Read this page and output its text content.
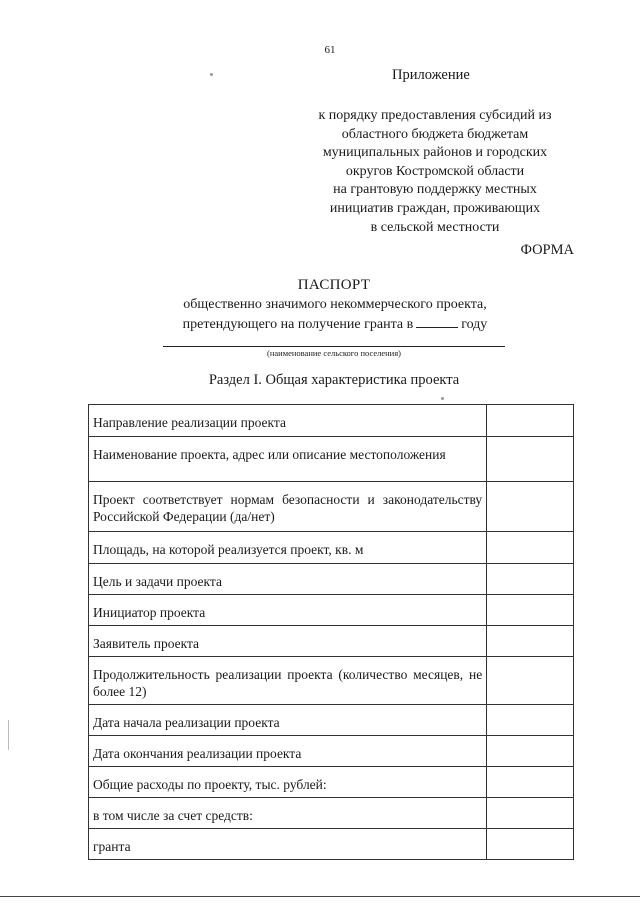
61
Приложение
к порядку предоставления субсидий из
областного бюджета бюджетам
муниципальных районов и городских
округов Костромской области
на грантовую поддержку местных
инициатив граждан, проживающих
в сельской местности
ФОРМА
ПАСПОРТ
общественно значимого некоммерческого проекта,
претендующего на получение гранта в	году
(наименование сельского поселения)
Раздел I. Общая характеристика проекта
Направление реализации проекта	
Наименование проекта, адрес или описание местоположения	
Проект соответствует нормам безопасности и законодательству Российской Федерации (да/нет)	
Площадь, на которой реализуется проект, кв. м	
Цель и задачи проекта	
Инициатор проекта	
Заявитель проекта	
Продолжительность реализации проекта (количество месяцев, не более 12)	
Дата начала реализации проекта	
Дата окончания реализации проекта	
Общие расходы по проекту, тыс. рублей:	
в том числе за счет средств:	
гранта	
